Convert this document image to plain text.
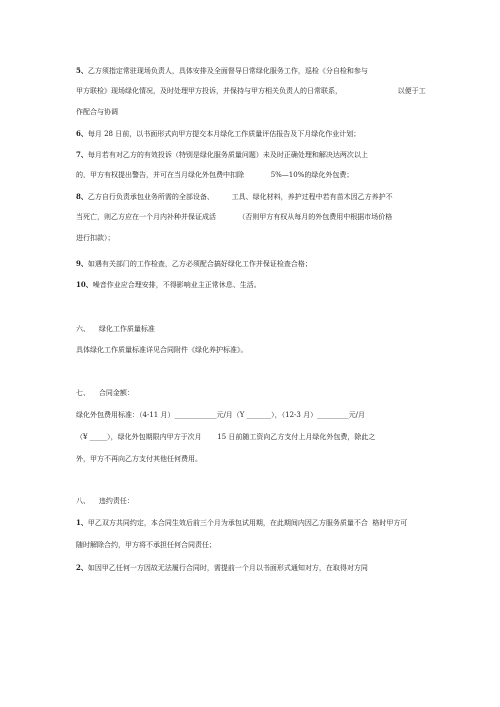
5、乙方须指定常驻现场负责人，具体安排及全面督导日常绿化服务工作，巡检《分自检和参与
甲方联检》现场绿化情况，及时处理甲方投诉，并保持与甲方相关负责人的日常联系，                         以便于工
作配合与协调
6、每月 28 日前，以书面形式向甲方提交本月绿化工作质量评估报告及下月绿化作业计划；
7、每月若有对乙方的有效投诉（特别是绿化服务质量问题）未及时正确处理和解决达两次以上
的，甲方有权提出警告，并可在当月绿化外包费中扣除            5%—10%的绿化外包费；
8、乙方自行负责承包业务所需的全部设备、        工具、绿化材料，养护过程中若有苗木因乙方养护不
当死亡，则乙方应在一个月内补种并保证成活          （否则甲方有权从每月的外包费用中根据市场价格
进行扣款）；
9、如遇有关部门的工作检查，乙方必须配合搞好绿化工作并保证检查合格；
10、噪音作业应合理安排，不得影响业主正常休息、生活。
六、    绿化工作质量标准
具体绿化工作质量标准详见合同附件《绿化养护标准》。
七、    合同金额：
绿化外包费用标准：（4-11 月）____________元/月（Y _______），（12-3 月）_________元/月
（¥ _____），绿化外包期限内甲方于次月       15 日前随工资向乙方支付上月绿化外包费，除此之
外，甲方不再向乙方支付其他任何费用。
八、    违约责任：
1、甲乙双方共同约定，本合同生效后前三个月为承包试用期，在此期间内因乙方服务质量不合  格时甲方可
随时解除合约，甲方将不承担任何合同责任；
2、如因甲乙任何一方因故无法履行合同时，需提前一个月以书面形式通知对方，在取得对方同
